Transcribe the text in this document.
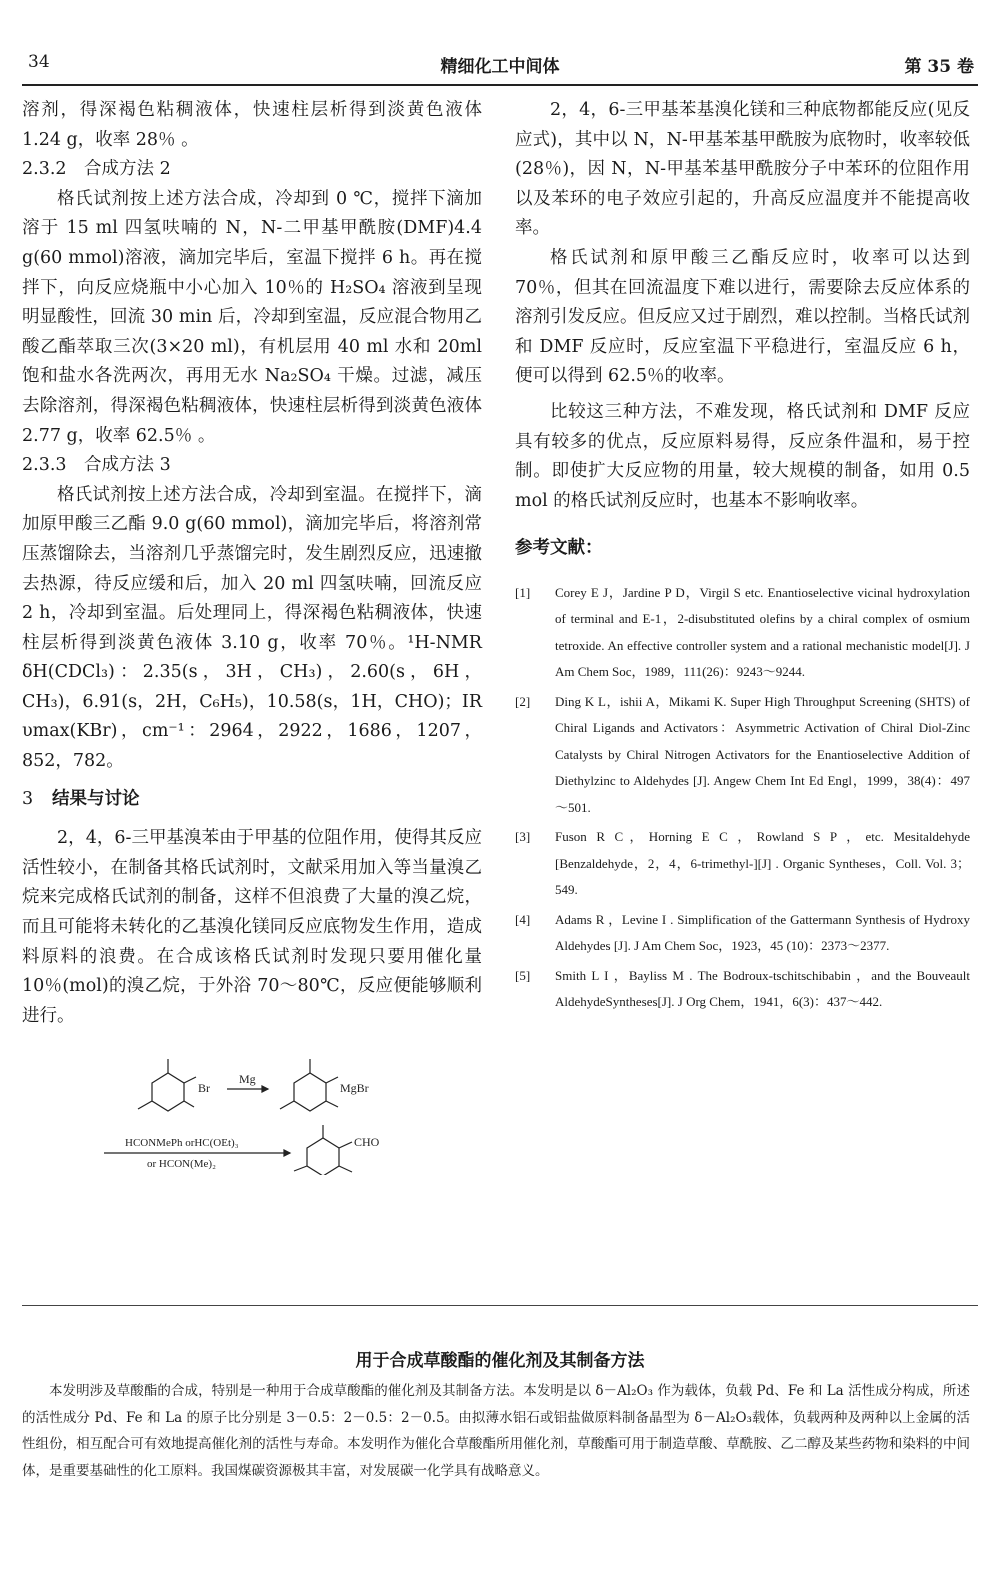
34	精细化工中间体	第 35 卷

溶剂，得深褐色粘稠液体，快速柱层析得到淡黄色液体 1.24 g，收率 28％ 。

2.3.2　合成方法 2

格氏试剂按上述方法合成，冷却到 0 ℃，搅拌下滴加溶于 15 ml 四氢呋喃的 N，N-二甲基甲酰胺(DMF)4.4 g(60 mmol)溶液，滴加完毕后，室温下搅拌 6 h。再在搅拌下，向反应烧瓶中小心加入 10％的 H₂SO₄ 溶液到呈现明显酸性，回流 30 min 后，冷却到室温，反应混合物用乙酸乙酯萃取三次(3×20 ml)，有机层用 40 ml 水和 20ml 饱和盐水各洗两次，再用无水 Na₂SO₄ 干燥。过滤，减压去除溶剂，得深褐色粘稠液体，快速柱层析得到淡黄色液体 2.77 g，收率 62.5％ 。

2.3.3　合成方法 3

格氏试剂按上述方法合成，冷却到室温。在搅拌下，滴加原甲酸三乙酯 9.0 g(60 mmol)，滴加完毕后，将溶剂常压蒸馏除去，当溶剂几乎蒸馏完时，发生剧烈反应，迅速撤去热源，待反应缓和后，加入 20 ml 四氢呋喃，回流反应 2 h，冷却到室温。后处理同上，得深褐色粘稠液体，快速柱层析得到淡黄色液体 3.10 g，收率 70％。¹H-NMR δH(CDCl₃)：2.35(s，3H，CH₃)，2.60(s，6H，CH₃)，6.91(s，2H，C₆H₅)，10.58(s，1H，CHO)；IR υmax(KBr)，cm⁻¹：2964，2922，1686，1207，852，782。

3 结果与讨论

2，4，6-三甲基溴苯由于甲基的位阻作用，使得其反应活性较小，在制备其格氏试剂时，文献采用加入等当量溴乙烷来完成格氏试剂的制备，这样不但浪费了大量的溴乙烷，而且可能将未转化的乙基溴化镁同反应底物发生作用，造成料原料的浪费。在合成该格氏试剂时发现只要用催化量 10％(mol)的溴乙烷，于外浴 70～80℃，反应便能够顺利进行。

Br
Mg
MgBr
HCONMePh orHC(OEt)₃
or HCON(Me)₂
CHO

2，4，6-三甲基苯基溴化镁和三种底物都能反应(见反应式)，其中以 N，N-甲基苯基甲酰胺为底物时，收率较低(28％)，因 N，N-甲基苯基甲酰胺分子中苯环的位阻作用以及苯环的电子效应引起的，升高反应温度并不能提高收率。

格氏试剂和原甲酸三乙酯反应时，收率可以达到 70％，但其在回流温度下难以进行，需要除去反应体系的溶剂引发反应。但反应又过于剧烈，难以控制。当格氏试剂和 DMF 反应时，反应室温下平稳进行，室温反应 6 h，便可以得到 62.5％的收率。

比较这三种方法，不难发现，格氏试剂和 DMF 反应具有较多的优点，反应原料易得，反应条件温和，易于控制。即使扩大反应物的用量，较大规模的制备，如用 0.5 mol 的格氏试剂反应时，也基本不影响收率。

参考文献：
[1] Corey E J，Jardine P D，Virgil S etc. Enantioselective vicinal hydroxylation of terminal and E-1，2-disubstituted olefins by a chiral complex of osmium tetroxide. An effective controller system and a rational mechanistic model[J]. J Am Chem Soc，1989，111(26)：9243～9244.
[2] Ding K L，ishii A，Mikami K. Super High Throughput Screening (SHTS) of Chiral Ligands and Activators：Asymmetric Activation of Chiral Diol-Zinc Catalysts by Chiral Nitrogen Activators for the Enantioselective Addition of Diethylzinc to Aldehydes [J]. Angew Chem Int Ed Engl，1999，38(4)：497～501.
[3] Fuson R C，Horning E C ，Rowland S P ，etc. Mesitaldehyde [Benzaldehyde，2，4，6-trimethyl-][J] . Organic Syntheses，Coll. Vol. 3；549.
[4] Adams R ，Levine I . Simplification of the Gattermann Synthesis of Hydroxy Aldehydes [J]. J Am Chem Soc，1923，45 (10)：2373～2377.
[5] Smith L I ，Bayliss M . The Bodroux-tschitschibabin ，and the Bouveault AldehydeSyntheses[J]. J Org Chem，1941，6(3)：437～442.
用于合成草酸酯的催化剂及其制备方法
本发明涉及草酸酯的合成，特别是一种用于合成草酸酯的催化剂及其制备方法。本发明是以 δ－Al₂O₃ 作为载体，负载 Pd、Fe 和 La 活性成分构成，所述的活性成分 Pd、Fe 和 La 的原子比分别是 3－0.5：2－0.5：2－0.5。由拟薄水铝石或铝盐做原料制备晶型为 δ－Al₂O₃载体，负载两种及两种以上金属的活性组份，相互配合可有效地提高催化剂的活性与寿命。本发明作为催化合草酸酯所用催化剂，草酸酯可用于制造草酸、草酰胺、乙二醇及某些药物和染料的中间体，是重要基础性的化工原料。我国煤碳资源极其丰富，对发展碳一化学具有战略意义。
